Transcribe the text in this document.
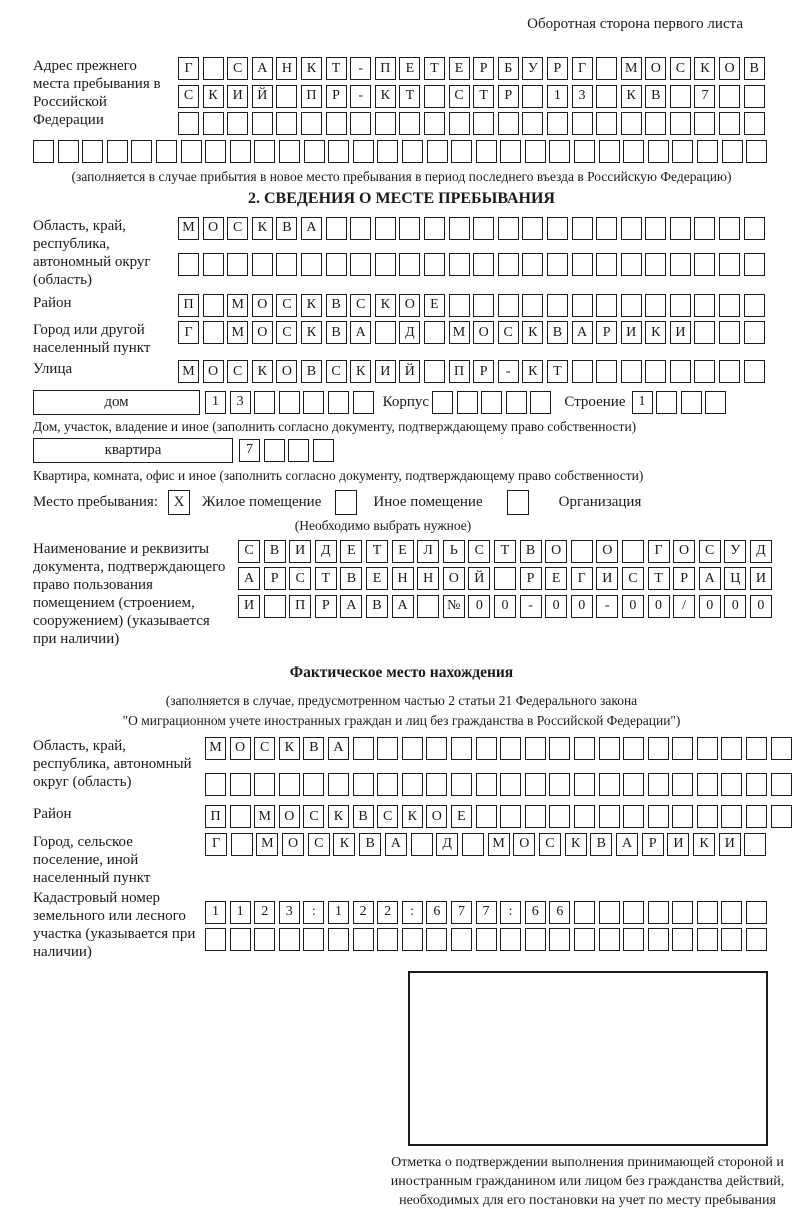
Оборотная сторона первого листа
Адрес прежнего места пребывания в Российской Федерации
Г	С	А	Н	К	Т	-	П	Е	Т	Е	Р	Б	У	Р	Г	М О	С	К	О	В
С	К	И	Й	П	Р	-	К	Т	С	Т	Р	1	3	К	В	7
(заполняется в случае прибытия в новое место пребывания в период последнего въезда в Российскую Федерацию)
2. СВЕДЕНИЯ О МЕСТЕ ПРЕБЫВАНИЯ
Область, край, республика, автономный округ (область)
М О	С	К	В	А
Район	П	М О	С	К	В	С	К	О	Е
Город или другой населенный пункт
Г	М О	С	К	В	А	Д	М О	С	К	В	А	Р	И	К	И
Улица	М О	С	К	О	В	С	К	И	Й	П	Р	-	К	Т
дом	1	3	Корпус	Строение 1
Дом, участок, владение и иное (заполнить согласно документу, подтверждающему право собственности)
квартира	7
Квартира, комната, офис и иное (заполнить согласно документу, подтверждающему право собственности)
Место пребывания:	X	Жилое помещение	Иное помещение	Организация
(Необходимо выбрать нужное)
Наименование и реквизиты документа, подтверждающего право пользования помещением (строением, сооружением) (указывается при наличии)
С	В	И	Д	Е	Т	Е	Л	Ь	С	Т	В	О	О	Г	О	С	У	Д
А	Р	С	Т	В	Е	Н	Н	О	Й	Р	Е	Г	И	С	Т	Р	А	Ц	И
И	П	Р	А	В	А	№	0	0	-	0	0	-	0	0	/	0	0	0
Фактическое место нахождения
(заполняется в случае, предусмотренном частью 2 статьи 21 Федерального закона
"О миграционном учете иностранных граждан и лиц без гражданства в Российской Федерации")
Область, край, республика, автономный округ (область)
М О	С	К	В	А
Район	П	М О	С	К	В	С	К	О	Е
Город, сельское поселение, иной населенный пункт
Г	М	О	С	К	В	А	Д	М	О	С	К	В	А	Р	И	К	И
Кадастровый номер земельного или лесного участка (указывается при наличии)
1	1	2	3	:	1	2	2	:	6	7	7	:	6	6
Отметка о подтверждении выполнения принимающей стороной и иностранным гражданином или лицом без гражданства действий, необходимых для его постановки на учет по месту пребывания
